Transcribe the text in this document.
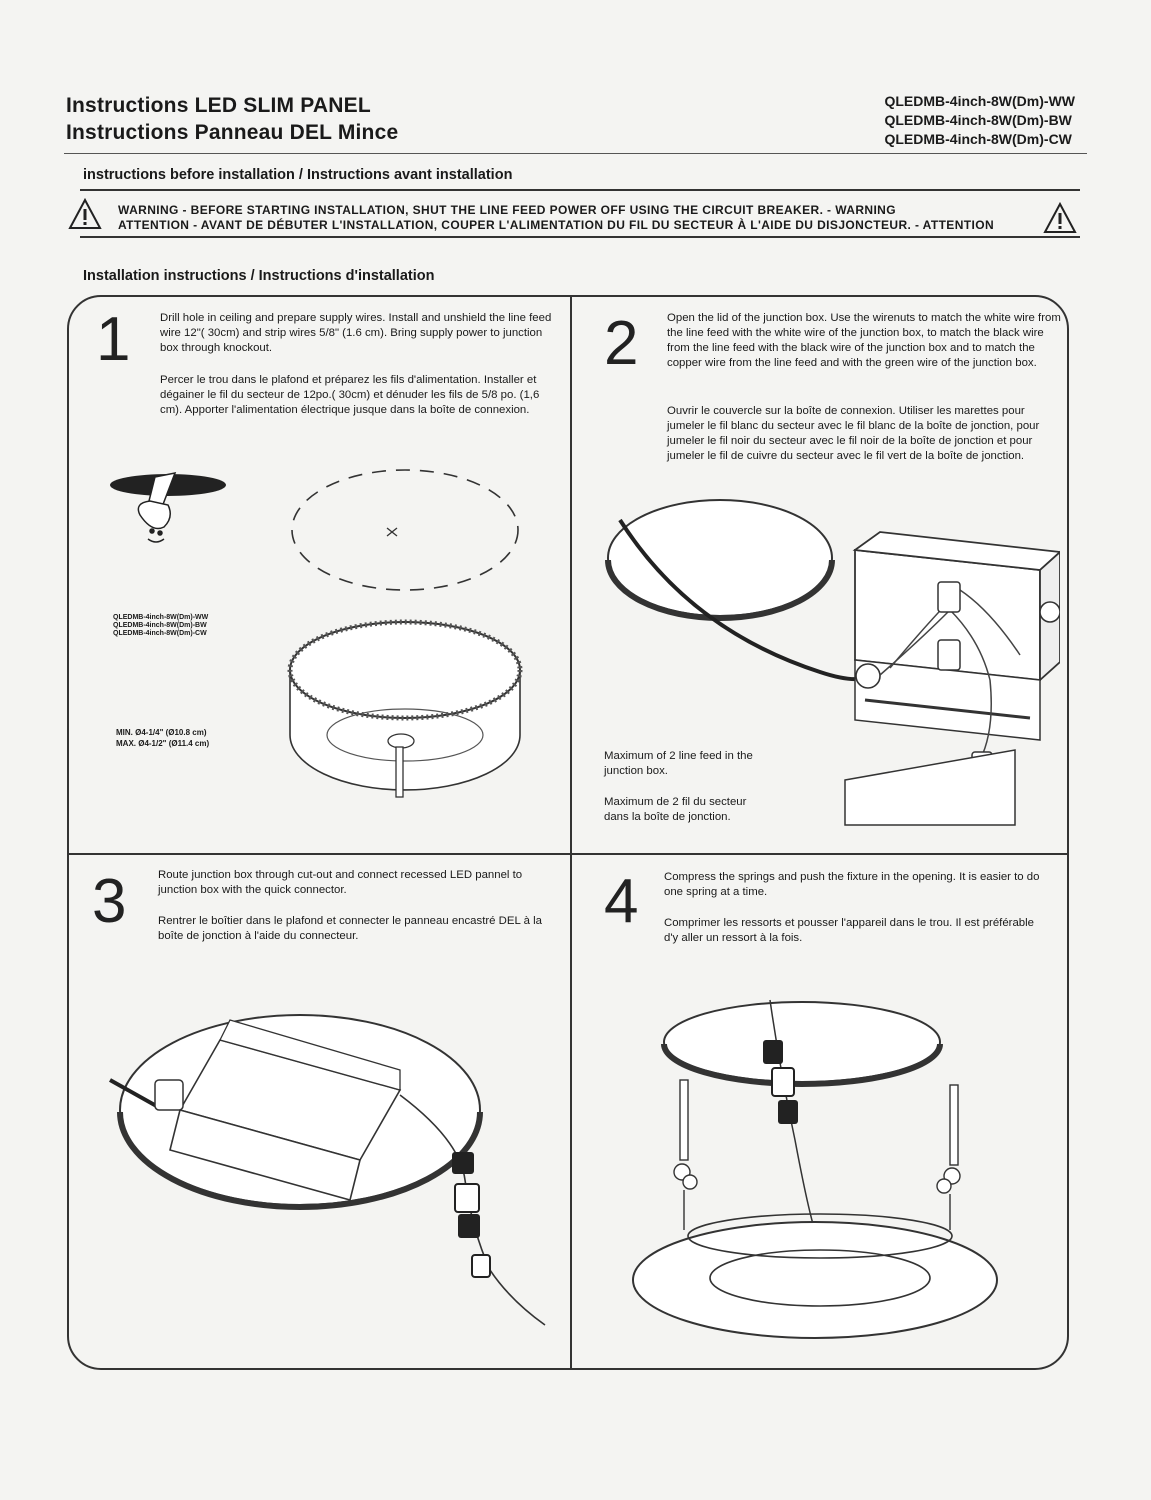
Instructions LED SLIM PANEL
Instructions Panneau DEL Mince
QLEDMB-4inch-8W(Dm)-WW
QLEDMB-4inch-8W(Dm)-BW
QLEDMB-4inch-8W(Dm)-CW
instructions before installation / Instructions avant installation
WARNING - BEFORE STARTING INSTALLATION, SHUT THE LINE FEED POWER OFF USING THE CIRCUIT BREAKER. - WARNING
ATTENTION - AVANT DE DÉBUTER L'INSTALLATION, COUPER L'ALIMENTATION DU FIL DU SECTEUR À L'AIDE DU DISJONCTEUR. - ATTENTION
Installation instructions / Instructions d'installation
1	Drill hole in ceiling and prepare supply wires. Install and unshield the line feed wire 12"( 30cm) and strip wires 5/8" (1.6 cm). Bring supply power to junction box through knockout.
Percer le trou dans le plafond et préparez les fils d'alimentation. Installer et dégainer le fil du secteur de 12po.( 30cm) et dénuder les fils de 5/8 po. (1,6 cm). Apporter l'alimentation électrique jusque dans la boîte de connexion.
QLEDMB-4inch-8W(Dm)-WW
QLEDMB-4inch-8W(Dm)-BW
QLEDMB-4inch-8W(Dm)-CW
MIN. Ø4-1/4" (Ø10.8 cm)
MAX. Ø4-1/2" (Ø11.4 cm)
2	Open the lid of the junction box. Use the wirenuts to match the white wire from the line feed with the white wire of the junction box, to match the black wire from the line feed with the black wire of the junction box and to match the copper wire from the line feed and with the green wire of the junction box.
Ouvrir le couvercle sur la boîte de connexion. Utiliser les marettes pour jumeler le fil blanc du secteur avec le fil blanc de la boîte de jonction, pour jumeler le fil noir du secteur avec le fil noir de la boîte de jonction et pour jumeler le fil de cuivre du secteur avec le fil vert de la boîte de jonction.
Maximum of 2 line feed in the junction box.
Maximum de 2 fil du secteur dans la boîte de jonction.
3	Route junction box through cut-out and connect recessed LED pannel to junction box with the quick connector.
Rentrer le boîtier dans le plafond et connecter le panneau encastré DEL à la boîte de jonction à l'aide du connecteur.	4 Compress the springs and push the fixture in the opening. It is easier to do one spring at a time.
Comprimer les ressorts et pousser l'appareil dans le trou. Il est préférable d'y aller un ressort à la fois.
